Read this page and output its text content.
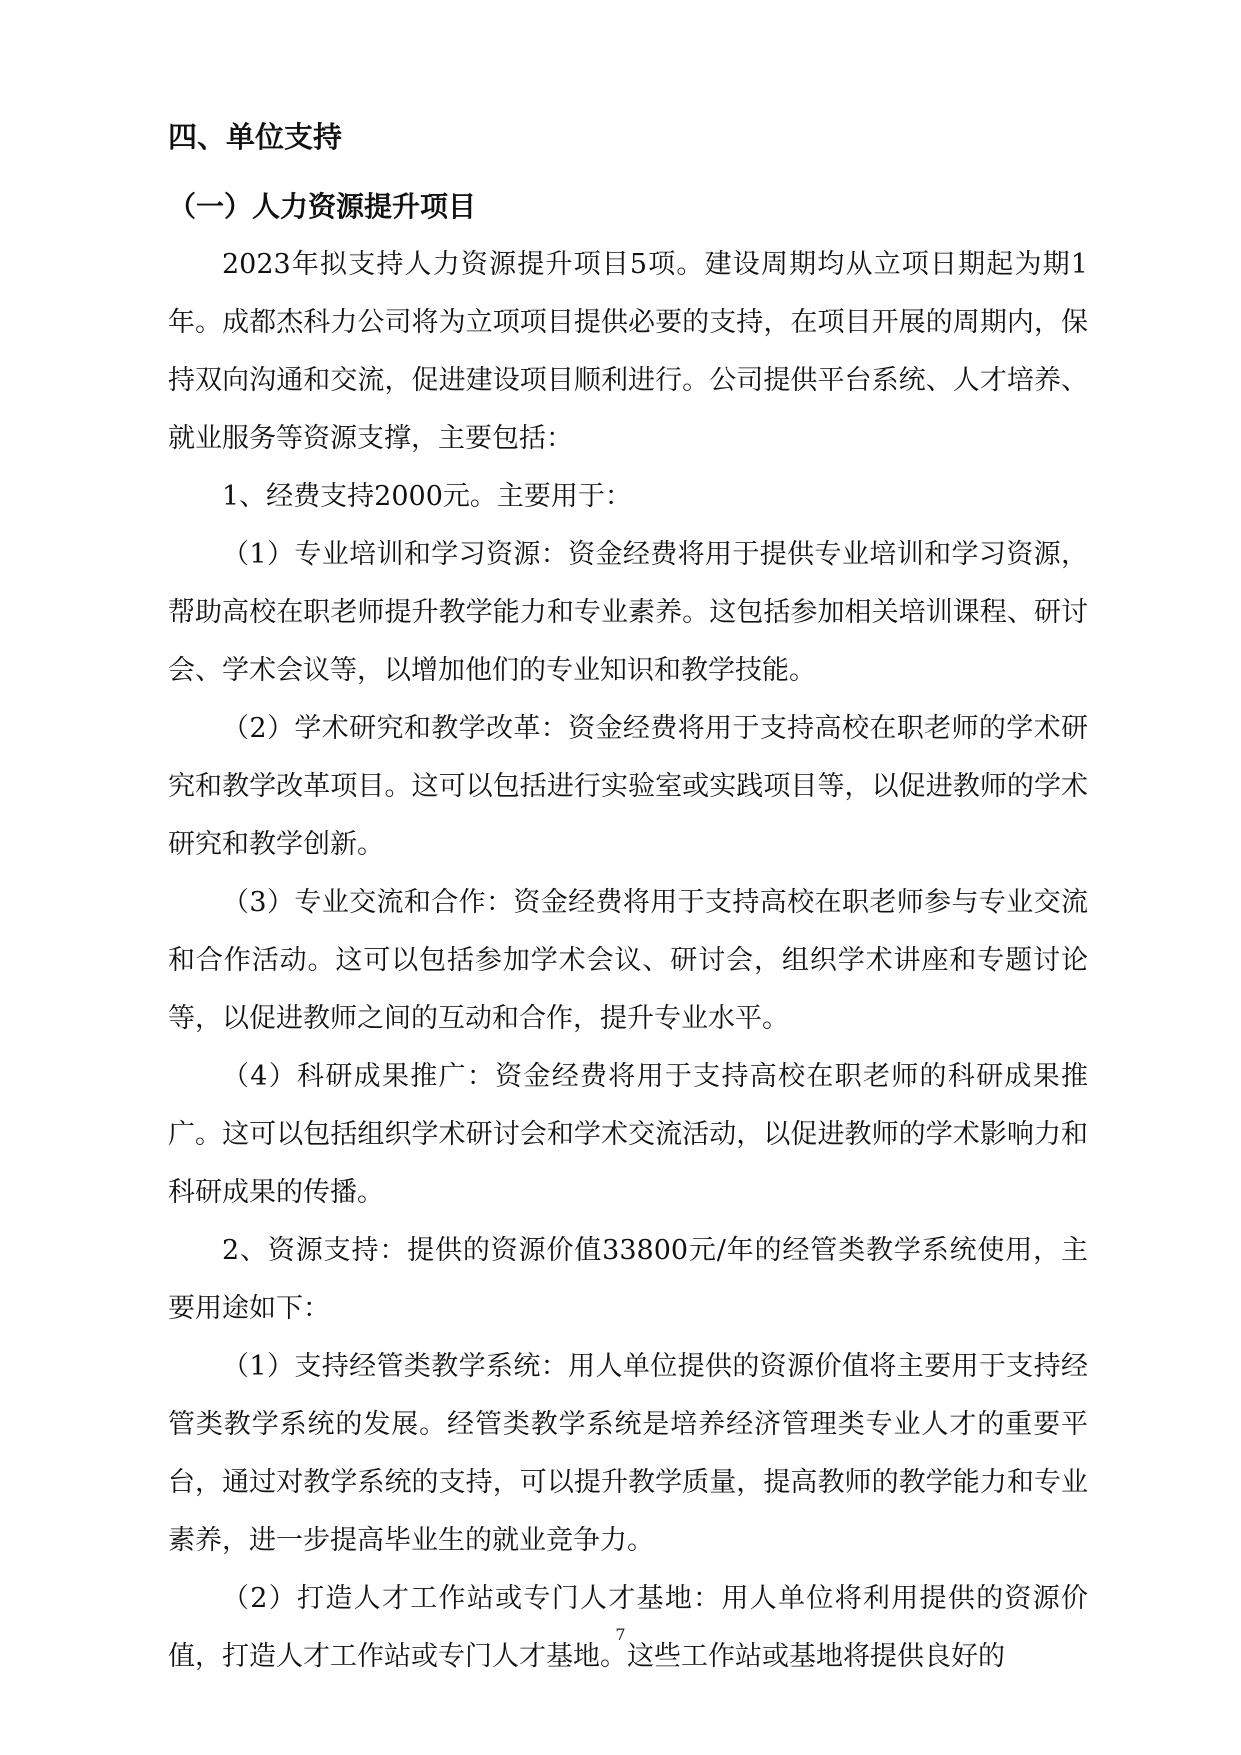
四、单位支持
（一）人力资源提升项目

2023年拟支持人力资源提升项目5项。建设周期均从立项日期起为期1年。成都杰科力公司将为立项项目提供必要的支持，在项目开展的周期内，保持双向沟通和交流，促进建设项目顺利进行。公司提供平台系统、人才培养、就业服务等资源支撑，主要包括：

1、经费支持2000元。主要用于：

（1）专业培训和学习资源：资金经费将用于提供专业培训和学习资源，帮助高校在职老师提升教学能力和专业素养。这包括参加相关培训课程、研讨会、学术会议等，以增加他们的专业知识和教学技能。

（2）学术研究和教学改革：资金经费将用于支持高校在职老师的学术研究和教学改革项目。这可以包括进行实验室或实践项目等，以促进教师的学术研究和教学创新。

（3）专业交流和合作：资金经费将用于支持高校在职老师参与专业交流和合作活动。这可以包括参加学术会议、研讨会，组织学术讲座和专题讨论等，以促进教师之间的互动和合作，提升专业水平。

（4）科研成果推广：资金经费将用于支持高校在职老师的科研成果推广。这可以包括组织学术研讨会和学术交流活动，以促进教师的学术影响力和科研成果的传播。

2、资源支持：提供的资源价值33800元/年的经管类教学系统使用，主要用途如下：

（1）支持经管类教学系统：用人单位提供的资源价值将主要用于支持经管类教学系统的发展。经管类教学系统是培养经济管理类专业人才的重要平台，通过对教学系统的支持，可以提升教学质量，提高教师的教学能力和专业素养，进一步提高毕业生的就业竞争力。

（2）打造人才工作站或专门人才基地：用人单位将利用提供的资源价值，打造人才工作站或专门人才基地。这些工作站或基地将提供良好的

7
